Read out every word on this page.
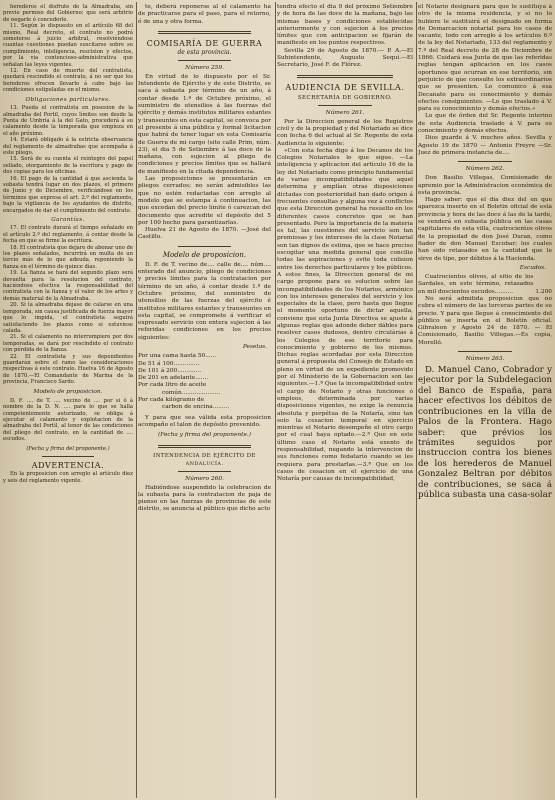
herederos el disfrute de la Almadraba, sin previo permiso del Gobierno; que será arbitrio de negarle ó concederle.

11. Según lo dispuesto en el artículo 68 del mismo, Real decreto, el contrato no podrá someterse á juicio arbitral, resolviéndose cuantas cuestiones puedan suscitarse sobre su cumplimiento, inteligencia, rescision y efectos, por la via contencioso-administrativa que señalan las leyes vigentes.

12. En caso de muerte del contratista, quedará rescindido el contrato, á no ser que los herederos ofrecen llevarlo á cabo bajo las condiciones estipuladas en el mismo.

Obligaciones particulares.

13. Pueda el contratista en posesion de la almadraba del Portil, cuyos límites son desde la Punta de Umbría á la del Gato, procederá á su calamento desde la temporada que empieza en el año próximo.

14. Estará obligado á la estricta observancia del reglamento de almadrabas que acompaña á este pliego.

15. Será de su cuenta el reintegro del papel sellado, otorgamiento de la escritura y pago de dos copias para los oficinas.

16. El pago de la cantidad á que ascienda la subasta tendrá lugar en dos plazos, el primero de Junio y de Diciembre, verificándose en los términos que expresa el art. 2.º del reglamento, bajo la vigilancia de los ayudantes de distrito, encargados de dar el cumplimiento del contrato.

Garantías.

17. El contrato durará el tiempo señalado en el artículo 2.º del reglamento, á contar desde la fecha en que se firme la escritura.

18. El contratista que dejare de abonar uno de los plazos señalados, incurrirá en multa de un tercio más de lo que adeuda, reponiendo la fianza en el término de quince días.

19. La fianza se hará del segundo plazo será devuelta para la resolucion del contrato, haciéndose efectiva la responsabilidad del contratista con la fianza y el valor de los artes y demás material de la Almadraba.

20. Si la almadraba dejase de calarse en una temporada, sin causa justificada de fuerza mayor que lo impida, el contratista seguirá satisfaciendo los plazos como si estuviese calada.

21. Si el calamento no interrumpiere por dos temporadas, se dará por rescindido el contrato con pérdida de la fianza.

22. El contratista y sus dependientes guardarán sobre el ramo las consideraciones respectivas á este contrato. Huelva 16 de Agosto de 1870.—El Comandante de Marina de la provincia, Francisco Sardo.

Modelo de proposicion.

D. F. .... de T. .... vecino de .... por si ó á nombre de la D. N. .... para lo que se halla competentemente autorizado, se obliga á ejecutar el calamento y explotacion de la almadraba del Portil, al tenor de las condiciones del pliego del contrato, en la cantidad de .... escudos.

(Fecha y firma del proponente.)

ADVERTENCIA.

En la proposicion con arreglo al artículo diez y seis del reglamento vigente.

te, deberá reponerse al el calamento ha de practicarse para el paso, para el retorno, ó de una y otra forma.

COMISARÍA DE GUERRA

de esta provincia.

Número 259.

En virtud de lo dispuesto por el Sr. Intendente de Ejército y de este Distrito, se saca á subasta por término de un año, á contar desde 1.º de Octubre próximo, el suministro de utensilios á las fuerzas del ejército y demás institutos militares estantes y transeuntes en esta capital, se convoca por el presente á una pública y formal licitacion que habrá de tener lugar en esta Comisaría de Guerra de mi cargo (sito calle Prim, núm. 23), el dia 5 de Setiembre á las doce de la mañana, con sujecion al pliego de condiciones y precios límites que se hallará de manifiesto en la citada dependencia.

Las proposiciones se presentarán en pliegos cerrados; no serán admisibles las que no estén redactadas con arreglo al modelo que se estampa á continuacion, las que excedan del precio límite ó carezcan del documento que acredite el depósito del 5 por 100 hecho para garantizarlas.

Huelva 21 de Agosto de 1870. —José del Castillo.

Modelo de proposicion.

D. F. de T. vecino de.... calle de.... núm.... enterado del anuncio, pliego de condiciones y precios límites para la contratacion por término de un año, á contar desde 1.º de Octubre próximo, del suministro de utensilios de las fuerzas del ejército é institutos militares estantes y transeuntes en esta capital, se compromete á verificar el expresado servicio con entera sujecion á las referidas condiciones en los precios siguientes:

Pesetas.

Por una cama hasta 50......
De 51 á 100..............
De 101 á 200.............
De 201 en adelante.......
Por cada litro de aceite
común.....................
Por cada kilógramo de
carbon de encina.........

Y para que sea válida esta proposicion acompaño el talon de depósito prevenido.

(Fecha y firma del proponente.)

INTENDENCIA DE EJÉRCITO DE

ANDALUCÍA.

Número 260.

Habiéndose suspendido la celebracion de la subasta para la contratacion de paja de pienso en las fuerzas de provincias de este distrito, se anuncia al público que dicho acto

tendrá efecto el dia 9 del próximo Setiembre y de hora de las doce de la mañana, bajo las mismas bases y condiciones establecidas anteriormente y con sujecion á los precios límites que con anticipacion se fijarán de manifiesto en los puntos respectivos.

Sevilla 29 de Agosto de 1870.— P. A.—El Subintendente, Augusto Sequi.—El Secretario, José F. de Flórez.

AUDIENCIA DE SEVILLA.

SECRETARÍA DE GOBIERNO.

Número 261.

Por la Direccion general de los Registros civil y de la propiedad y del Notariado se dice con fecha 6 del actual al Sr. Regente de esta Audiencia lo siguiente:

«Con esta fecha digo á los Decanos de los Colegios Notariales lo que sigue. —La inteligencia y aplicacion del artículo 16 de la ley del Notariado como principio fundamental de varias incompatibilidades que aquel determina y amplían otras disposiciones dictadas con posterioridad han dado origen á frecuentes consultas y alguna vez á conflictos que esta Direccion general ha resuelto en los diferentes casos concretos que se han presentado. Pero la importancia de la materia es tal, las cuestiones del servicio son tan premiosas y los intereses de la clase Notarial son tan dignos de estima, que se hace preciso escogitar una medida general que concilie todas las aspiraciones y evite toda colision entre los derechos particulares y los públicos. A estos fines, la Direccion general de mi cargo propone para su solucion sobre las incompatibilidades de los Notarios, armónico con los intereses generales del servicio y los especiales de la clase, pero hasta que llegue el momento oportuno de dictar aquella, conviene que esta Junta Directiva se ajuste á algunas reglas que adonde deber dábles para resolver casos dudosos, dentro circulárias á los Colegios de ese territorio para conocimiento y gobierno de los mismos. Dichas reglas acordadas por esta Direccion general á propuesta del Consejo de Estado en pleno en virtud de un expediente promovido por el Ministerio de la Gobernacion son las siguientes.—1.ª Que la incompatibilidad entre el cargo de Notario y otras funciones ó empleos, determinada por varias disposiciones vigentes, no exige la renuncia absoluta y perpétua de la Notaría, sino tan solo la cesacion temporal en ejercicio mientras el Notario desempeñe el otro cargo por el cual haya optado.—2.ª Que en este último caso el Notario está exento de responsabilidad, negando la intervencion de sus funciones como fedatario cuando se les requiera para prestarlas.—3.ª Que en los casos de cesacion en el ejercicio de una Notaría por causas de incompatibilidad,

el Notario designará para que le sustituya á otro de la misma residencia, y si no lo hubiere le sustituirá el designado en forma de Demarcacion notarial para los casos de vacante, todo con arreglo á los artículos 6.º de la ley del Notariado, 133 del reglamento y 7.º del Real decreto de 28 de Diciembre de 1866. Cuidará esa Junta de que las referidas reglas tengan aplicacion en los casos oportunos que ocurran en ese territorio, sin perjuicio de que consulte los extraordinarios que se presenten. Lo comunico á esa Decanato para su conocimiento y demás efectos consiguientes. —Lo que traslado á V. para su conocimiento y demás efectos.»

Lo que de órden del Sr. Regente interino de esta Audiencia traslado á V. para su conocimiento y demás efectos.

Dios guarde á V. muchos años. Sevilla y Agosto 19 de 1870 — Antonio Freyre —Sr. Juez de primera instancia de....

Número 262.

Don Basilio Villegas, Comisionado de apremio por la Administracion económica de esta provincia.

Hago saber: que el dia diez del en que aparezca inserto en el Boletin oficial de esta provincia y hora de las doce á las de la tarde, se venderá en subasta pública en las casas capitulares de esta villa, cuatrocientos olivos de la propiedad de don José Duran, como fiador de don Manuel Escobar; los cuales han sido retasados en la cantidad que le sirve de tipo, por débitos á la Hacienda.

Escudos.

Cuatrocientos olivos, al sitio de los Sardales, en este término, retasados en mil doscientos escudos..........	1.200

No será admitida proposicion que no cubra el número de las terceras partes de su precio. Y para que llegue á conocimiento del público se inserta en el Boletin oficial. Gibraleon y Agosto 24 de 1870. — El Comisionado, Basilio Villegas.—Es copia, Morelló.

Número 263.

D. Manuel Cano, Cobrador y ejecutor por la Subdelegacion del Banco de España, para hacer efectivos los débitos de contribuciones en la villa de Palos de la Frontera. Hago saber: que prévios los trámites seguidos por instruccion contra los bienes de los herederos de Manuel Gonzalez Beltran por débitos de contribuciones, se saca á pública subasta una casa-solar
